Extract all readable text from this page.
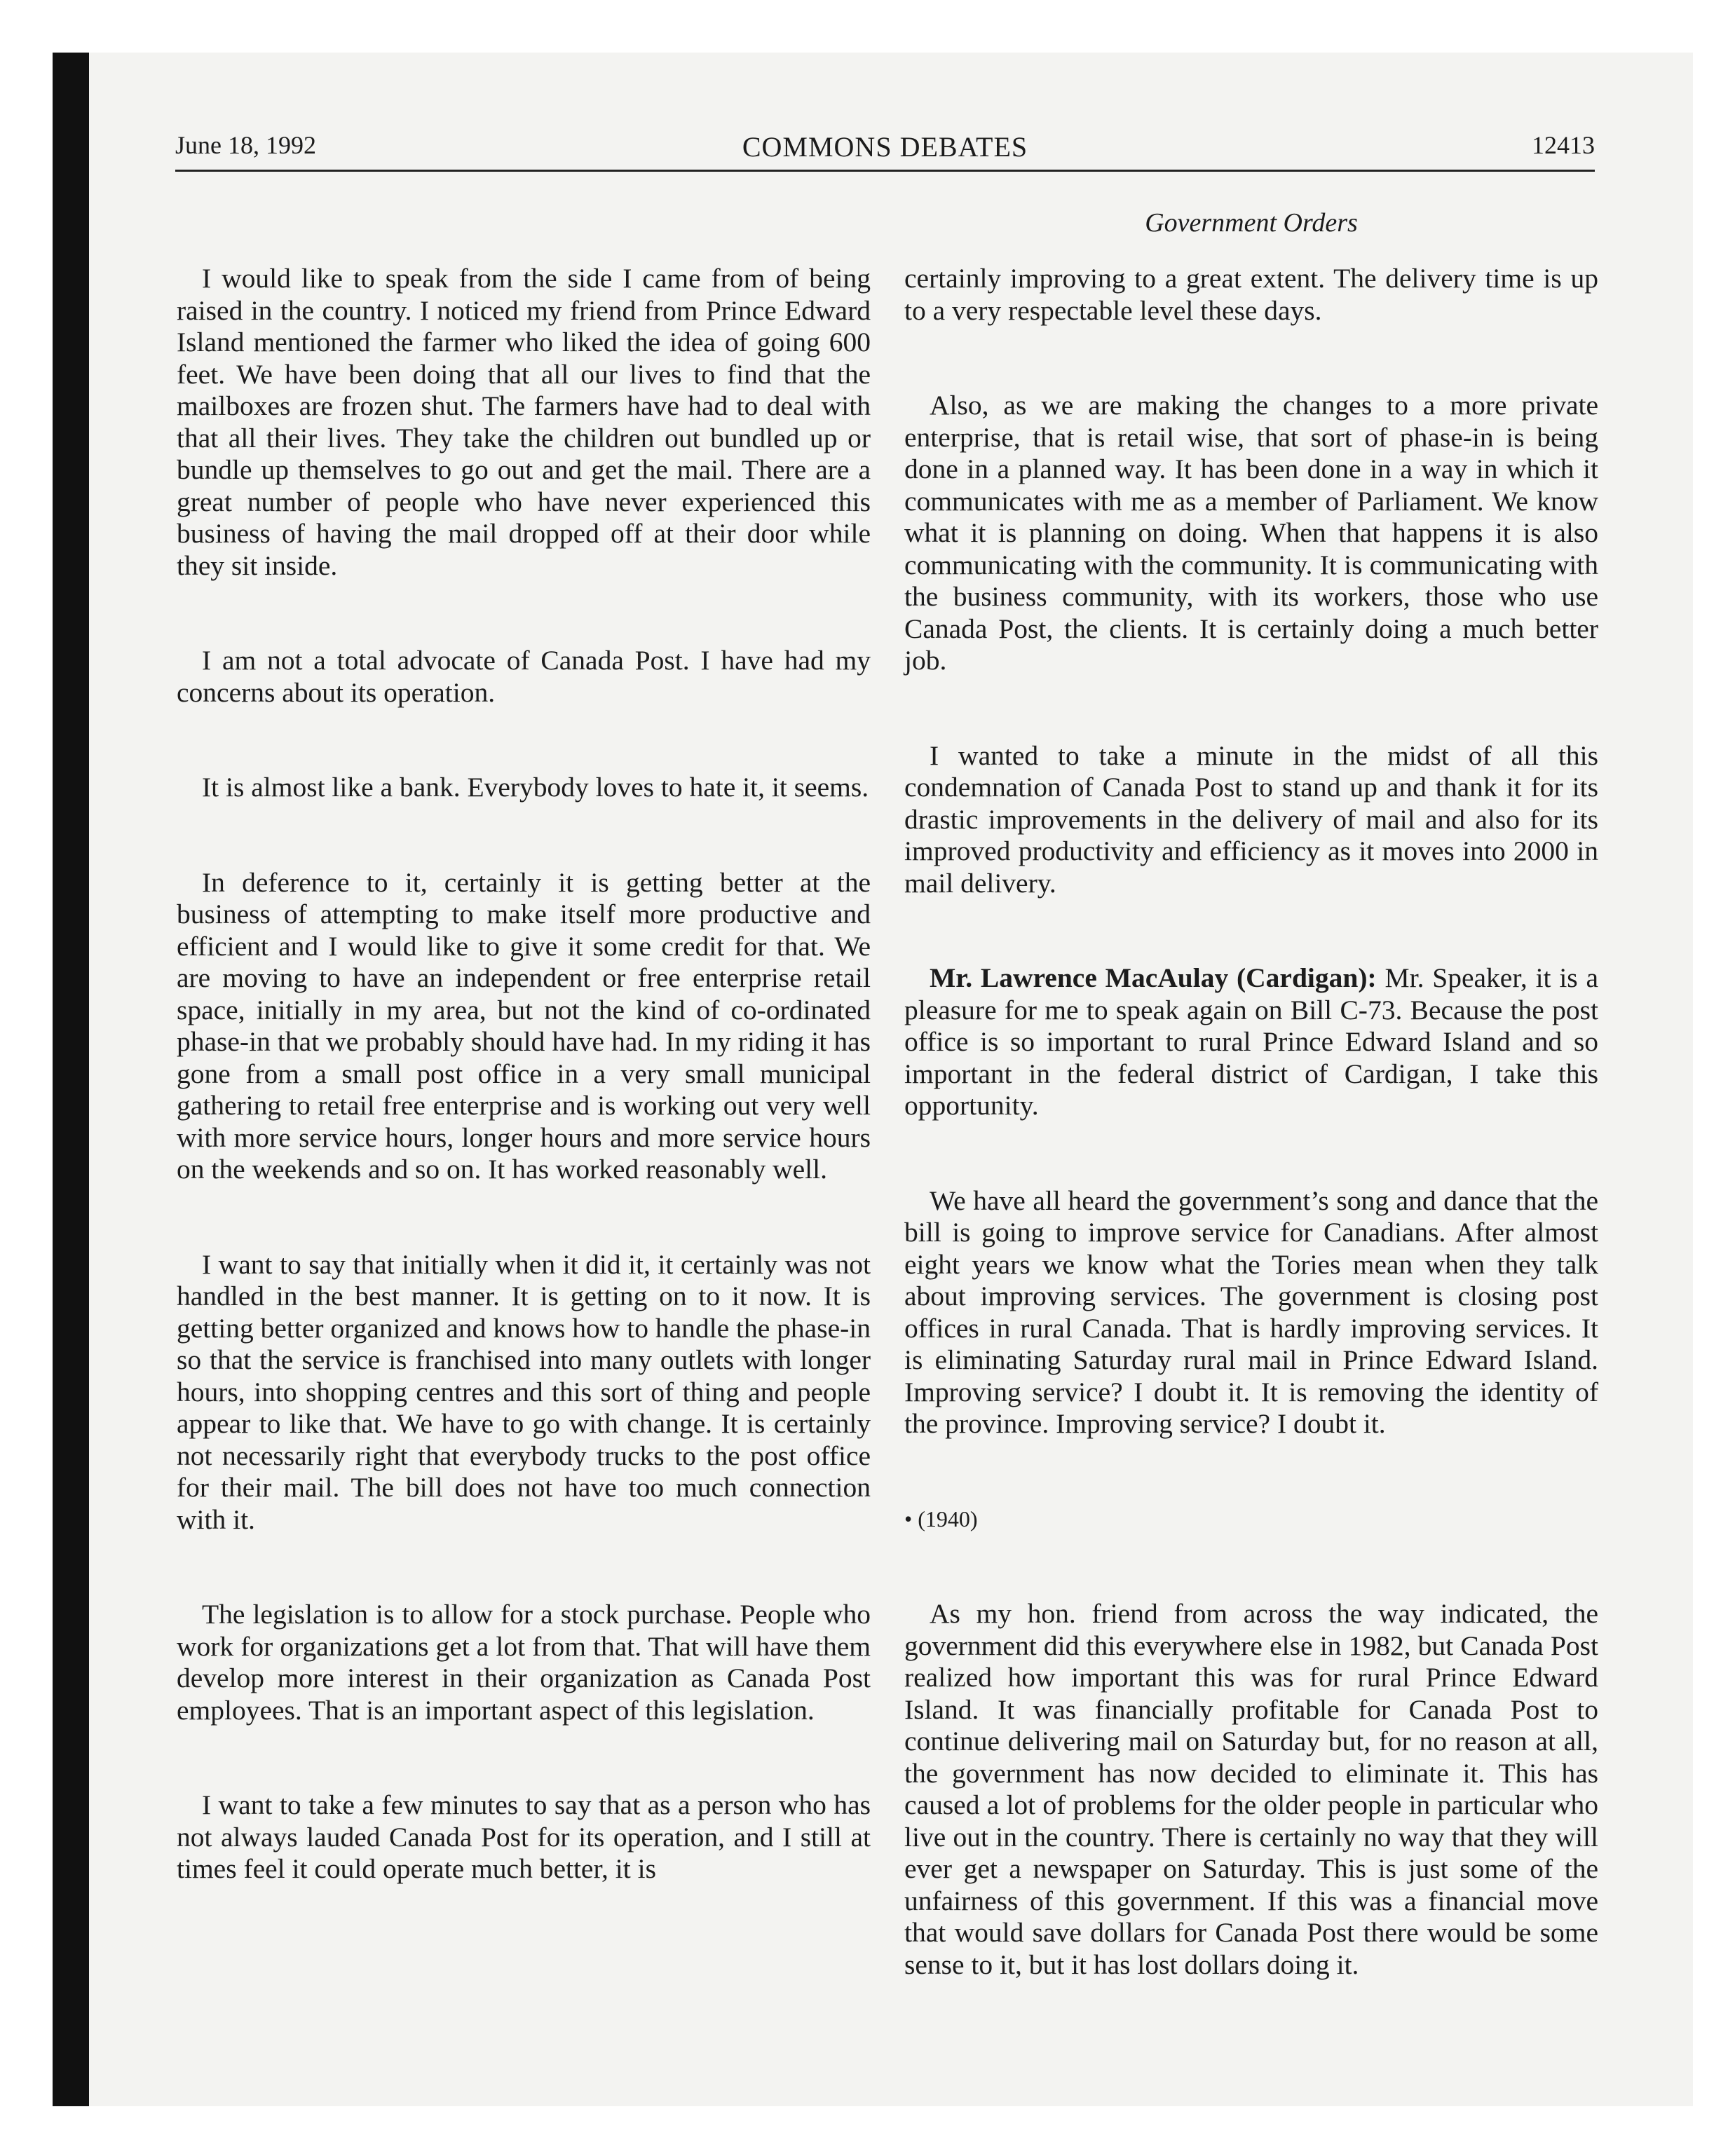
June 18, 1992	COMMONS DEBATES	12413
Government Orders

I would like to speak from the side I came from of being raised in the country. I noticed my friend from Prince Edward Island mentioned the farmer who liked the idea of going 600 feet. We have been doing that all our lives to find that the mailboxes are frozen shut. The farmers have had to deal with that all their lives. They take the children out bundled up or bundle up themselves to go out and get the mail. There are a great number of people who have never experienced this business of having the mail dropped off at their door while they sit inside.

I am not a total advocate of Canada Post. I have had my concerns about its operation.

It is almost like a bank. Everybody loves to hate it, it seems.

In deference to it, certainly it is getting better at the business of attempting to make itself more productive and efficient and I would like to give it some credit for that. We are moving to have an independent or free enterprise retail space, initially in my area, but not the kind of co-ordinated phase-in that we probably should have had. In my riding it has gone from a small post office in a very small municipal gathering to retail free enterprise and is working out very well with more service hours, longer hours and more service hours on the weekends and so on. It has worked reasonably well.

I want to say that initially when it did it, it certainly was not handled in the best manner. It is getting on to it now. It is getting better organized and knows how to handle the phase-in so that the service is franchised into many outlets with longer hours, into shopping centres and this sort of thing and people appear to like that. We have to go with change. It is certainly not necessarily right that everybody trucks to the post office for their mail. The bill does not have too much connection with it.

The legislation is to allow for a stock purchase. People who work for organizations get a lot from that. That will have them develop more interest in their organization as Canada Post employees. That is an important aspect of this legislation.

I want to take a few minutes to say that as a person who has not always lauded Canada Post for its operation, and I still at times feel it could operate much better, it is

certainly improving to a great extent. The delivery time is up to a very respectable level these days.

Also, as we are making the changes to a more private enterprise, that is retail wise, that sort of phase-in is being done in a planned way. It has been done in a way in which it communicates with me as a member of Parliament. We know what it is planning on doing. When that happens it is also communicating with the community. It is communicating with the business community, with its workers, those who use Canada Post, the clients. It is certainly doing a much better job.

I wanted to take a minute in the midst of all this condemnation of Canada Post to stand up and thank it for its drastic improvements in the delivery of mail and also for its improved productivity and efficiency as it moves into 2000 in mail delivery.

Mr. Lawrence MacAulay (Cardigan): Mr. Speaker, it is a pleasure for me to speak again on Bill C-73. Because the post office is so important to rural Prince Edward Island and so important in the federal district of Cardigan, I take this opportunity.

We have all heard the government’s song and dance that the bill is going to improve service for Canadians. After almost eight years we know what the Tories mean when they talk about improving services. The government is closing post offices in rural Canada. That is hardly improving services. It is eliminating Saturday rural mail in Prince Edward Island. Improving service? I doubt it. It is removing the identity of the province. Improving service? I doubt it.

• (1940)

As my hon. friend from across the way indicated, the government did this everywhere else in 1982, but Canada Post realized how important this was for rural Prince Edward Island. It was financially profitable for Canada Post to continue delivering mail on Saturday but, for no reason at all, the government has now decided to eliminate it. This has caused a lot of problems for the older people in particular who live out in the country. There is certainly no way that they will ever get a newspaper on Saturday. This is just some of the unfairness of this government. If this was a financial move that would save dollars for Canada Post there would be some sense to it, but it has lost dollars doing it.
